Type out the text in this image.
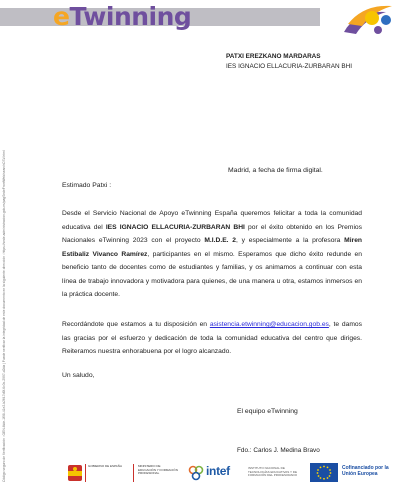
eTwinning
Código seguro de Verificación : GEN-f4de-1f08-41e2-b26f-7d0f-6c0c-2997-d2da | Puede verificar la integridad de este documento en la siguiente dirección : https://sede.administracion.gob.es/pagSedeFrontWeb/searchCSV.html
PATXI EREZKANO MARDARAS
IES IGNACIO ELLACURIA-ZURBARAN BHI
Madrid, a fecha de firma digital.
Estimado Patxi :

Desde el Servicio Nacional de Apoyo eTwinning España queremos felicitar a toda la comunidad educativa del IES IGNACIO ELLACURIA-ZURBARAN BHI por el éxito obtenido en los Premios Nacionales eTwinning 2023 con el proyecto M.I.D.E. 2, y especialmente a la profesora Miren Estibaliz Vivanco Ramírez, participantes en el mismo. Esperamos que dicho éxito redunde en beneficio tanto de docentes como de estudiantes y familias, y os animamos a continuar con esta línea de trabajo innovadora y motivadora para quienes, de una manera u otra, estamos inmersos en la práctica docente.

Recordándote que estamos a tu disposición en asistencia.etwinning@educacion.gob.es, te damos las gracias por el esfuerzo y dedicación de toda la comunidad educativa del centro que diriges. Reiteramos nuestra enhorabuena por el logro alcanzado.

Un saludo,
El equipo eTwinning
Fdo.: Carlos J. Medina Bravo
GOBIERNO DE ESPAÑA	MINISTERIO DE EDUCACIÓN Y FORMACIÓN PROFESIONAL	intef	INSTITUTO NACIONAL DE TECNOLOGÍAS EDUCATIVAS Y DE FORMACIÓN DEL PROFESORADO
Cofinanciado por la Unión Europea
